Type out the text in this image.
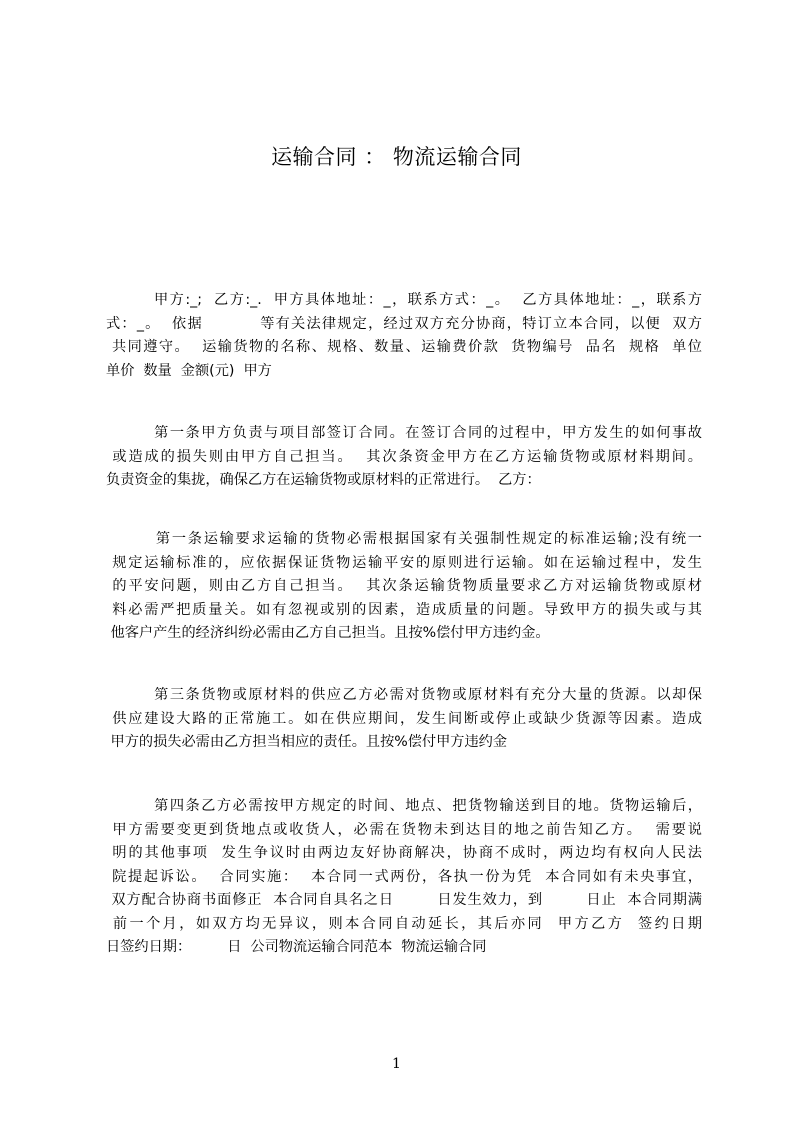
运输合同 ： 物流运输合同
甲方:_;  乙方:_.  甲方具体地址：_，联系方式：_。  乙方具体地址：_，联系方
式：_。  依据          等有关法律规定，经过双方充分协商，特订立本合同，以便  双方
共同遵守。  运输货物的名称、规格、数量、运输费价款  货物编号  品名  规格  单位
单价  数量  金额(元)  甲方
第一条甲方负责与项目部签订合同。在签订合同的过程中，甲方发生的如何事故
或造成的损失则由甲方自己担当。  其次条资金甲方在乙方运输货物或原材料期间。
负责资金的集拢，确保乙方在运输货物或原材料的正常进行。  乙方：
第一条运输要求运输的货物必需根据国家有关强制性规定的标准运输;没有统一
规定运输标准的，应依据保证货物运输平安的原则进行运输。如在运输过程中，发生
的平安问题，则由乙方自己担当。  其次条运输货物质量要求乙方对运输货物或原材
料必需严把质量关。如有忽视或别的因素，造成质量的问题。导致甲方的损失或与其
他客户产生的经济纠纷必需由乙方自己担当。且按%偿付甲方违约金。
第三条货物或原材料的供应乙方必需对货物或原材料有充分大量的货源。以却保
供应建设大路的正常施工。如在供应期间，发生间断或停止或缺少货源等因素。造成
甲方的损失必需由乙方担当相应的责任。且按%偿付甲方违约金
第四条乙方必需按甲方规定的时间、地点、把货物输送到目的地。货物运输后，
甲方需要变更到货地点或收货人，必需在货物未到达目的地之前告知乙方。  需要说
明的其他事项  发生争议时由两边友好协商解决，协商不成时，两边均有权向人民法
院提起诉讼。  合同实施：  本合同一式两份，各执一份为凭  本合同如有未央事宜，
双方配合协商书面修正  本合同自具名之日        日发生效力，到        日止  本合同期满
前一个月，如双方均无异议，则本合同自动延长，其后亦同  甲方乙方  签约日期
日签约日期：        日  公司物流运输合同范本  物流运输合同
1
